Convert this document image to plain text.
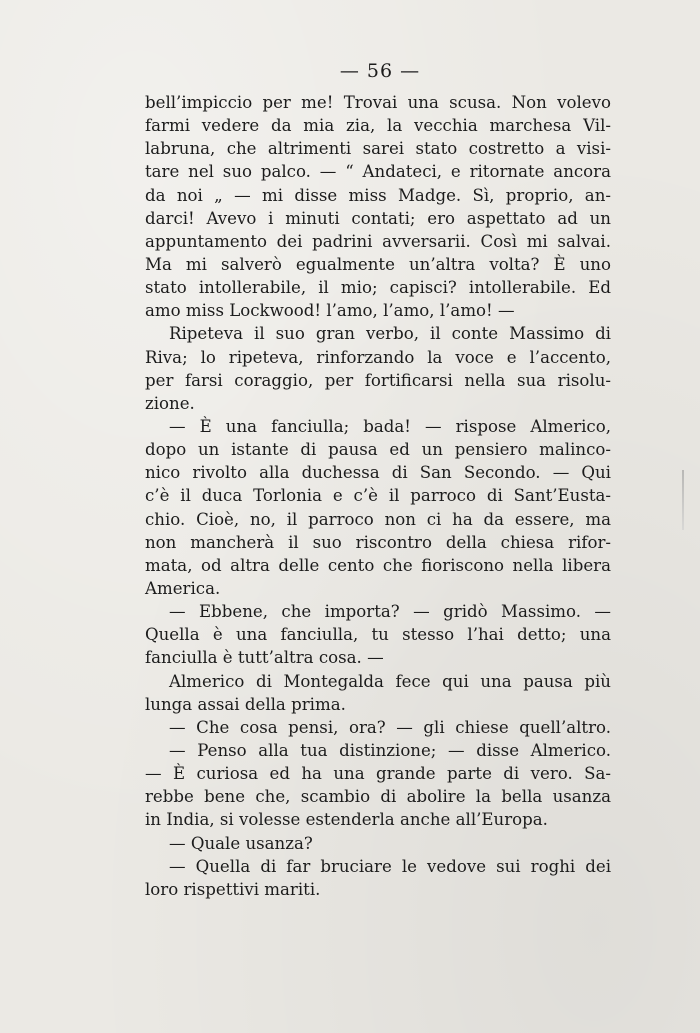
— 56 —
bell’impiccio per me! Trovai una scusa. Non volevo
farmi vedere da mia zia, la vecchia marchesa Vil-
labruna, che altrimenti sarei stato costretto a visi-
tare nel suo palco. — “ Andateci, e ritornate ancora
da noi „ — mi disse miss Madge. Sì, proprio, an-
darci! Avevo i minuti contati; ero aspettato ad un
appuntamento dei padrini avversarii. Così mi salvai.
Ma mi salverò egualmente un’altra volta? È uno
stato intollerabile, il mio; capisci? intollerabile. Ed
amo miss Lockwood! l’amo, l’amo, l’amo! —
Ripeteva il suo gran verbo, il conte Massimo di
Riva; lo ripeteva, rinforzando la voce e l’accento,
per farsi coraggio, per fortificarsi nella sua risolu-
zione.
— È una fanciulla; bada! — rispose Almerico,
dopo un istante di pausa ed un pensiero malinco-
nico rivolto alla duchessa di San Secondo. — Qui
c’è il duca Torlonia e c’è il parroco di Sant’Eusta-
chio. Cioè, no, il parroco non ci ha da essere, ma
non mancherà il suo riscontro della chiesa rifor-
mata, od altra delle cento che fioriscono nella libera
America.
— Ebbene, che importa? — gridò Massimo. —
Quella è una fanciulla, tu stesso l’hai detto; una
fanciulla è tutt’altra cosa. —
Almerico di Montegalda fece qui una pausa più
lunga assai della prima.
— Che cosa pensi, ora? — gli chiese quell’altro.
— Penso alla tua distinzione; — disse Almerico.
— È curiosa ed ha una grande parte di vero. Sa-
rebbe bene che, scambio di abolire la bella usanza
in India, si volesse estenderla anche all’Europa.
— Quale usanza?
— Quella di far bruciare le vedove sui roghi dei
loro rispettivi mariti.
